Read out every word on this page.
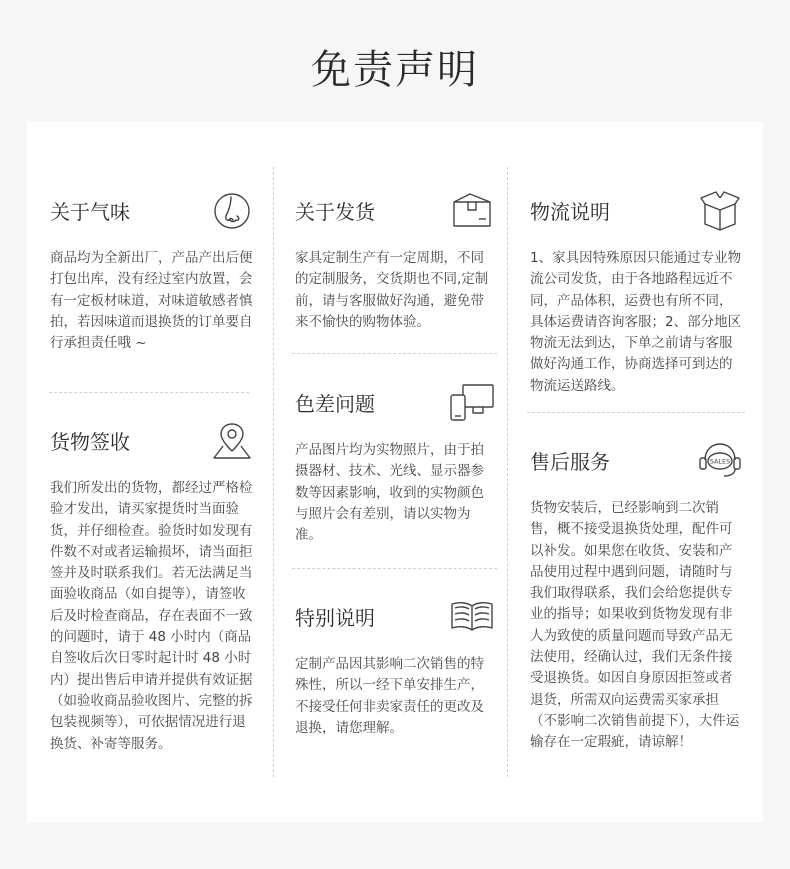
免责声明
关于气味

商品均为全新出厂，产品产出后便打包出库，没有经过室内放置，会有一定板材味道，对味道敏感者慎拍，若因味道而退换货的订单要自行承担责任哦 ~

货物签收

我们所发出的货物，都经过严格检验才发出，请买家提货时当面验货，并仔细检查。验货时如发现有件数不对或者运输损坏，请当面拒签并及时联系我们。若无法满足当面验收商品（如自提等），请签收后及时检查商品，存在表面不一致的问题时，请于 48 小时内（商品自签收后次日零时起计时 48 小时内）提出售后申请并提供有效证据（如验收商品验收图片、完整的拆包装视频等），可依据情况进行退换货、补寄等服务。

关于发货

家具定制生产有一定周期，不同的定制服务，交货期也不同,定制前，请与客服做好沟通，避免带来不愉快的购物体验。

色差问题

产品图片均为实物照片，由于拍摄器材、技术、光线、显示器参数等因素影响，收到的实物颜色与照片会有差别，请以实物为准。

特别说明

定制产品因其影响二次销售的特殊性，所以一经下单安排生产，不接受任何非卖家责任的更改及退换，请您理解。

物流说明

1、家具因特殊原因只能通过专业物流公司发货，由于各地路程远近不同，产品体积，运费也有所不同，具体运费请咨询客服；2、部分地区物流无法到达，下单之前请与客服做好沟通工作，协商选择可到达的物流运送路线。

售后服务	SALES

货物安装后，已经影响到二次销售，概不接受退换货处理，配件可以补发。如果您在收货、安装和产品使用过程中遇到问题，请随时与我们取得联系，我们会给您提供专业的指导；如果收到货物发现有非人为致使的质量问题而导致产品无法使用，经确认过，我们无条件接受退换货。如因自身原因拒签或者退货，所需双向运费需买家承担（不影响二次销售前提下），大件运输存在一定瑕疵，请谅解！
